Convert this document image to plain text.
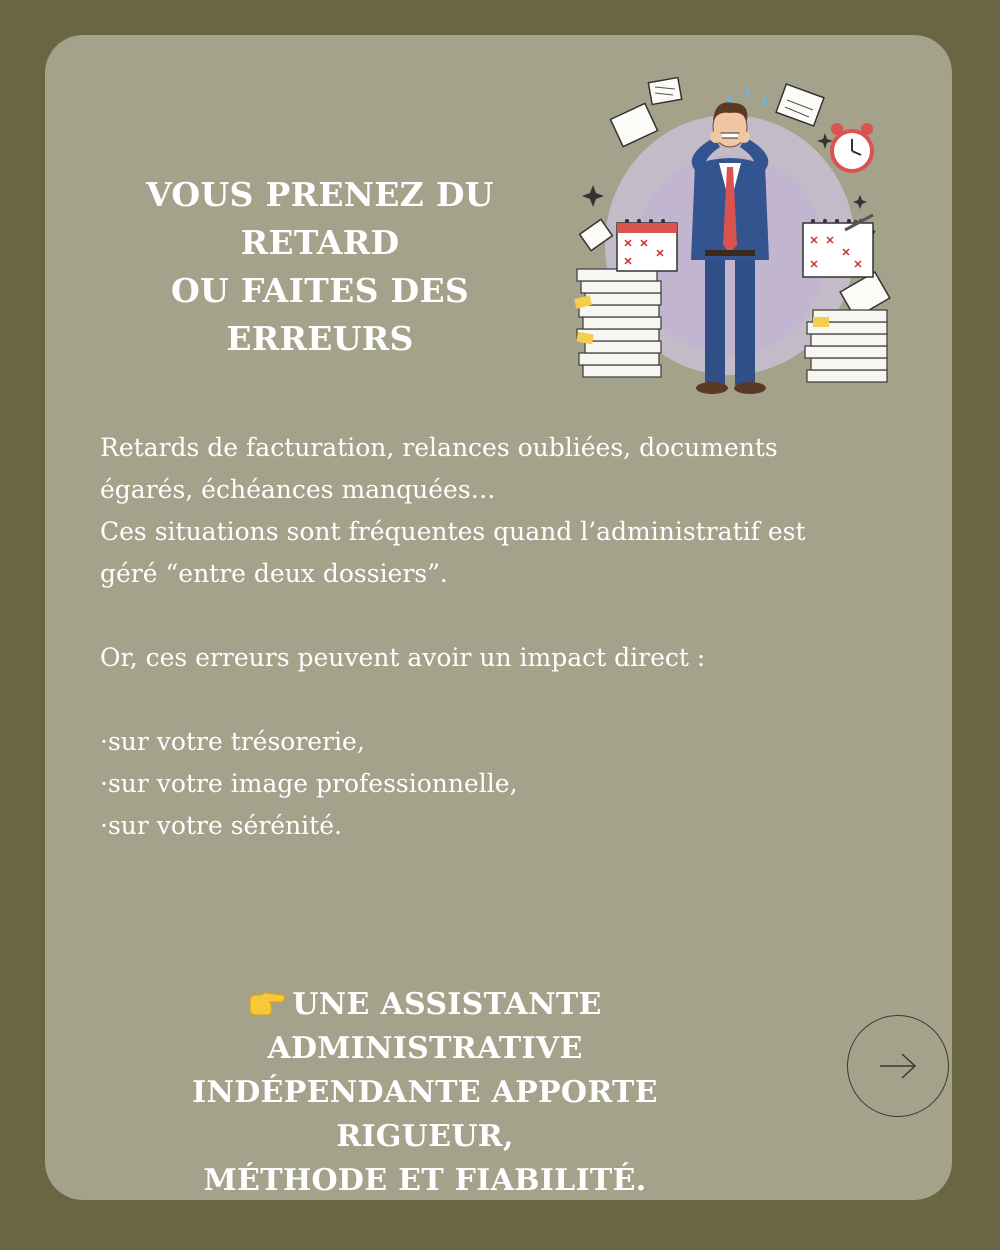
VOUS PRENEZ DU RETARD
OU FAITES DES ERREURS

Retards de facturation, relances oubliées, documents

égarés, échéances manquées…

Ces situations sont fréquentes quand l’administratif est

géré “entre deux dossiers”.

Or, ces erreurs peuvent avoir un impact direct :

·sur votre trésorerie,

·sur votre image professionnelle,

·sur votre sérénité.

UNE ASSISTANTE ADMINISTRATIVE
INDÉPENDANTE APPORTE RIGUEUR,
MÉTHODE ET FIABILITÉ.
